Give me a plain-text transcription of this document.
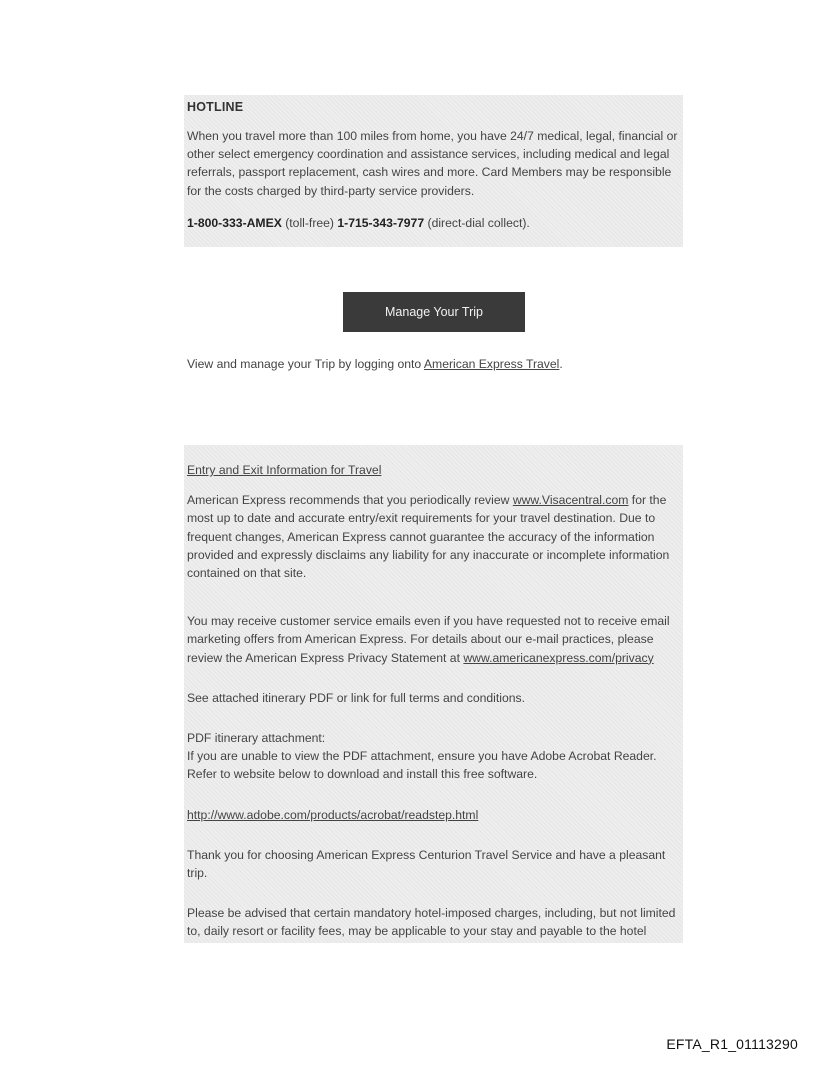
HOTLINE

When you travel more than 100 miles from home, you have 24/7 medical, legal, financial or other select emergency coordination and assistance services, including medical and legal referrals, passport replacement, cash wires and more. Card Members may be responsible for the costs charged by third-party service providers.

1-800-333-AMEX (toll-free) 1-715-343-7977 (direct-dial collect).

Manage Your Trip
View and manage your Trip by logging onto American Express Travel.

Entry and Exit Information for Travel

American Express recommends that you periodically review www.Visacentral.com for the most up to date and accurate entry/exit requirements for your travel destination. Due to frequent changes, American Express cannot guarantee the accuracy of the information provided and expressly disclaims any liability for any inaccurate or incomplete information contained on that site.

You may receive customer service emails even if you have requested not to receive email marketing offers from American Express. For details about our e-mail practices, please review the American Express Privacy Statement at www.americanexpress.com/privacy

See attached itinerary PDF or link for full terms and conditions.

PDF itinerary attachment:

If you are unable to view the PDF attachment, ensure you have Adobe Acrobat Reader. Refer to website below to download and install this free software.

http://www.adobe.com/products/acrobat/readstep.html

Thank you for choosing American Express Centurion Travel Service and have a pleasant trip.

Please be advised that certain mandatory hotel-imposed charges, including, but not limited to, daily resort or facility fees, may be applicable to your stay and payable to the hotel

EFTA_R1_01113290
